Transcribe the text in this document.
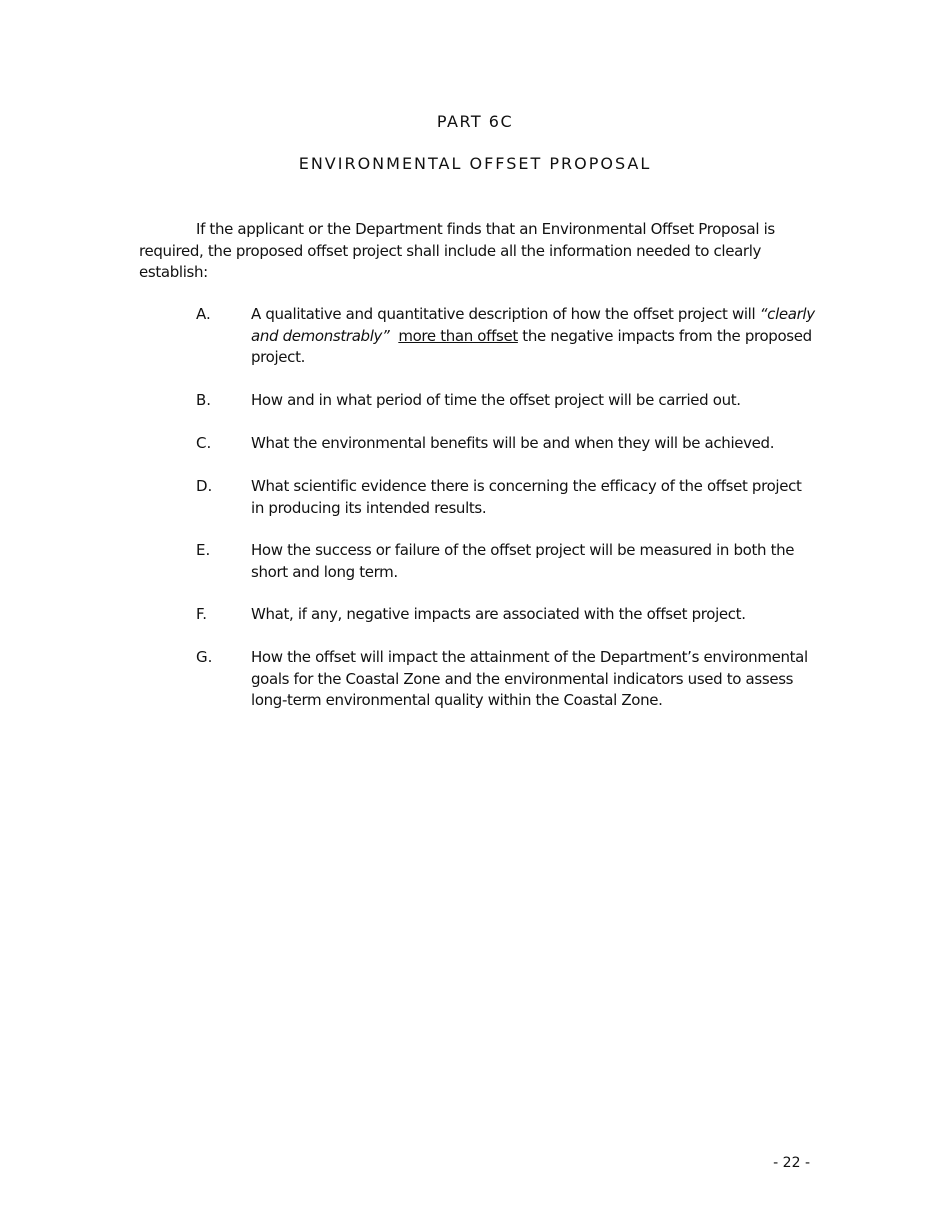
PART 6C
ENVIRONMENTAL OFFSET PROPOSAL

If the applicant or the Department finds that an Environmental Offset Proposal is required, the proposed offset project shall include all the information needed to clearly establish:

A.	A qualitative and quantitative description of how the offset project will “clearly and demonstrably” more than offset the negative impacts from the proposed project.
B.	How and in what period of time the offset project will be carried out.
C.	What the environmental benefits will be and when they will be achieved.
D.	What scientific evidence there is concerning the efficacy of the offset project in producing its intended results.
E.	How the success or failure of the offset project will be measured in both the short and long term.
F.	What, if any, negative impacts are associated with the offset project.
G.	How the offset will impact the attainment of the Department’s environmental goals for the Coastal Zone and the environmental indicators used to assess long-term environmental quality within the Coastal Zone.
- 22 -
